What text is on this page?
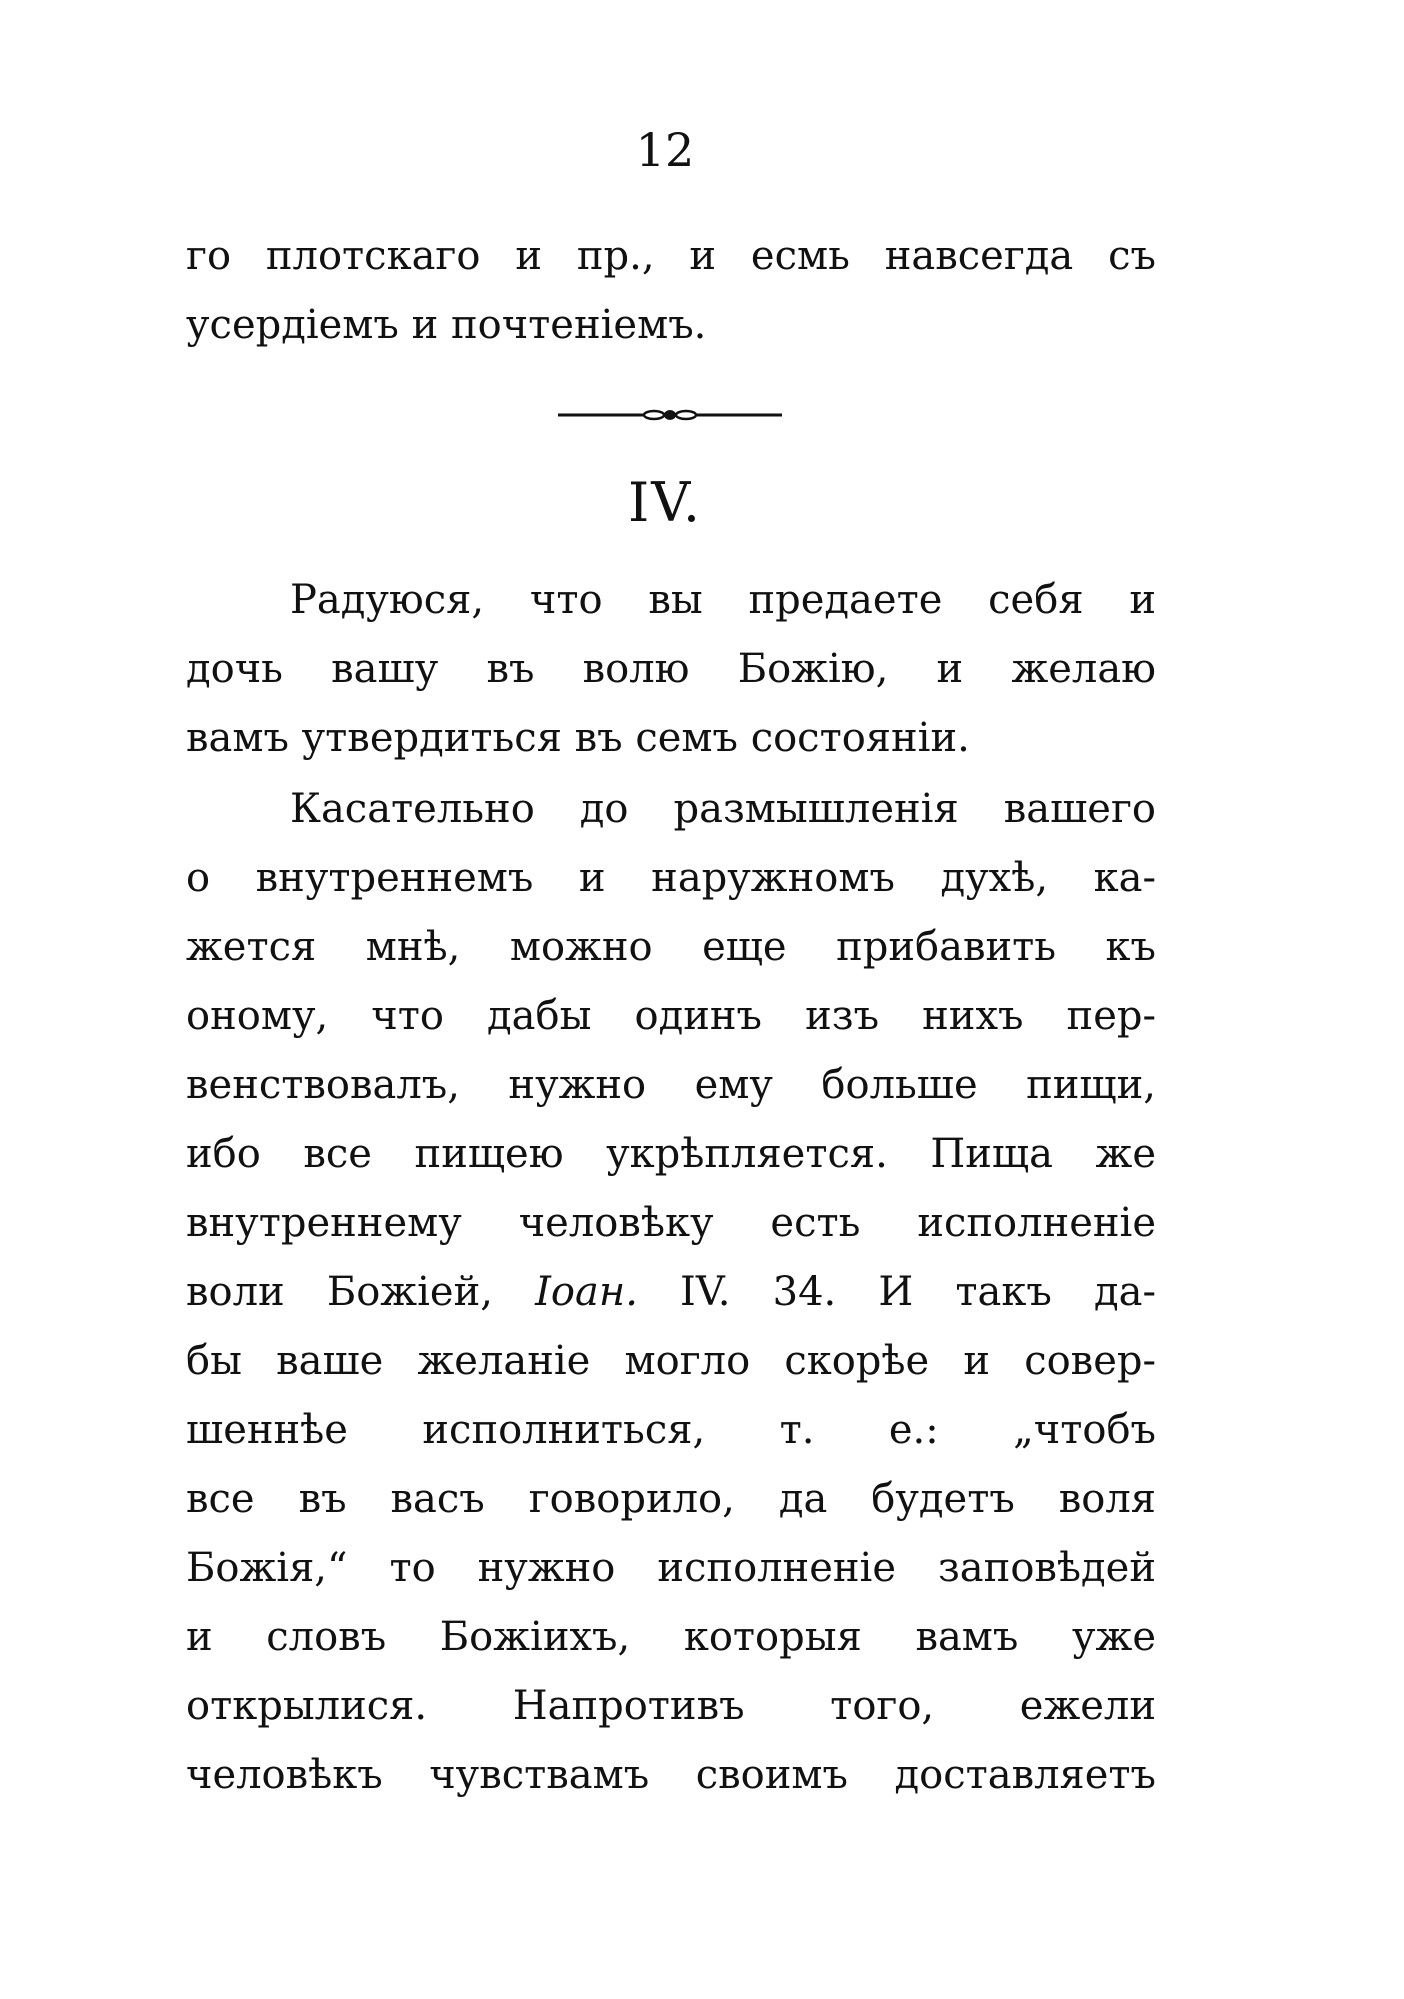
12
го плотскаго и пр., и есмь навсегда съ
усердіемъ и почтеніемъ.
IV.
Радуюся, что вы предаете себя и
дочь вашу въ волю Божію, и желаю
вамъ утвердиться въ семъ состояніи.
Касательно до размышленія вашего
о внутреннемъ и наружномъ духѣ, ка-
жется мнѣ, можно еще прибавить къ
оному, что дабы одинъ изъ нихъ пер-
венствовалъ, нужно ему больше пищи,
ибо все пищею укрѣпляется. Пища же
внутреннему человѣку есть исполненіе
воли Божіей, Іоан. IV. 34. И такъ да-
бы ваше желаніе могло скорѣе и совер-
шеннѣе исполниться, т. е.: „чтобъ
все въ васъ говорило, да будетъ воля
Божія,“ то нужно исполненіе заповѣдей
и словъ Божіихъ, которыя вамъ уже
открылися. Напротивъ того, ежели
человѣкъ чувствамъ своимъ доставляетъ
